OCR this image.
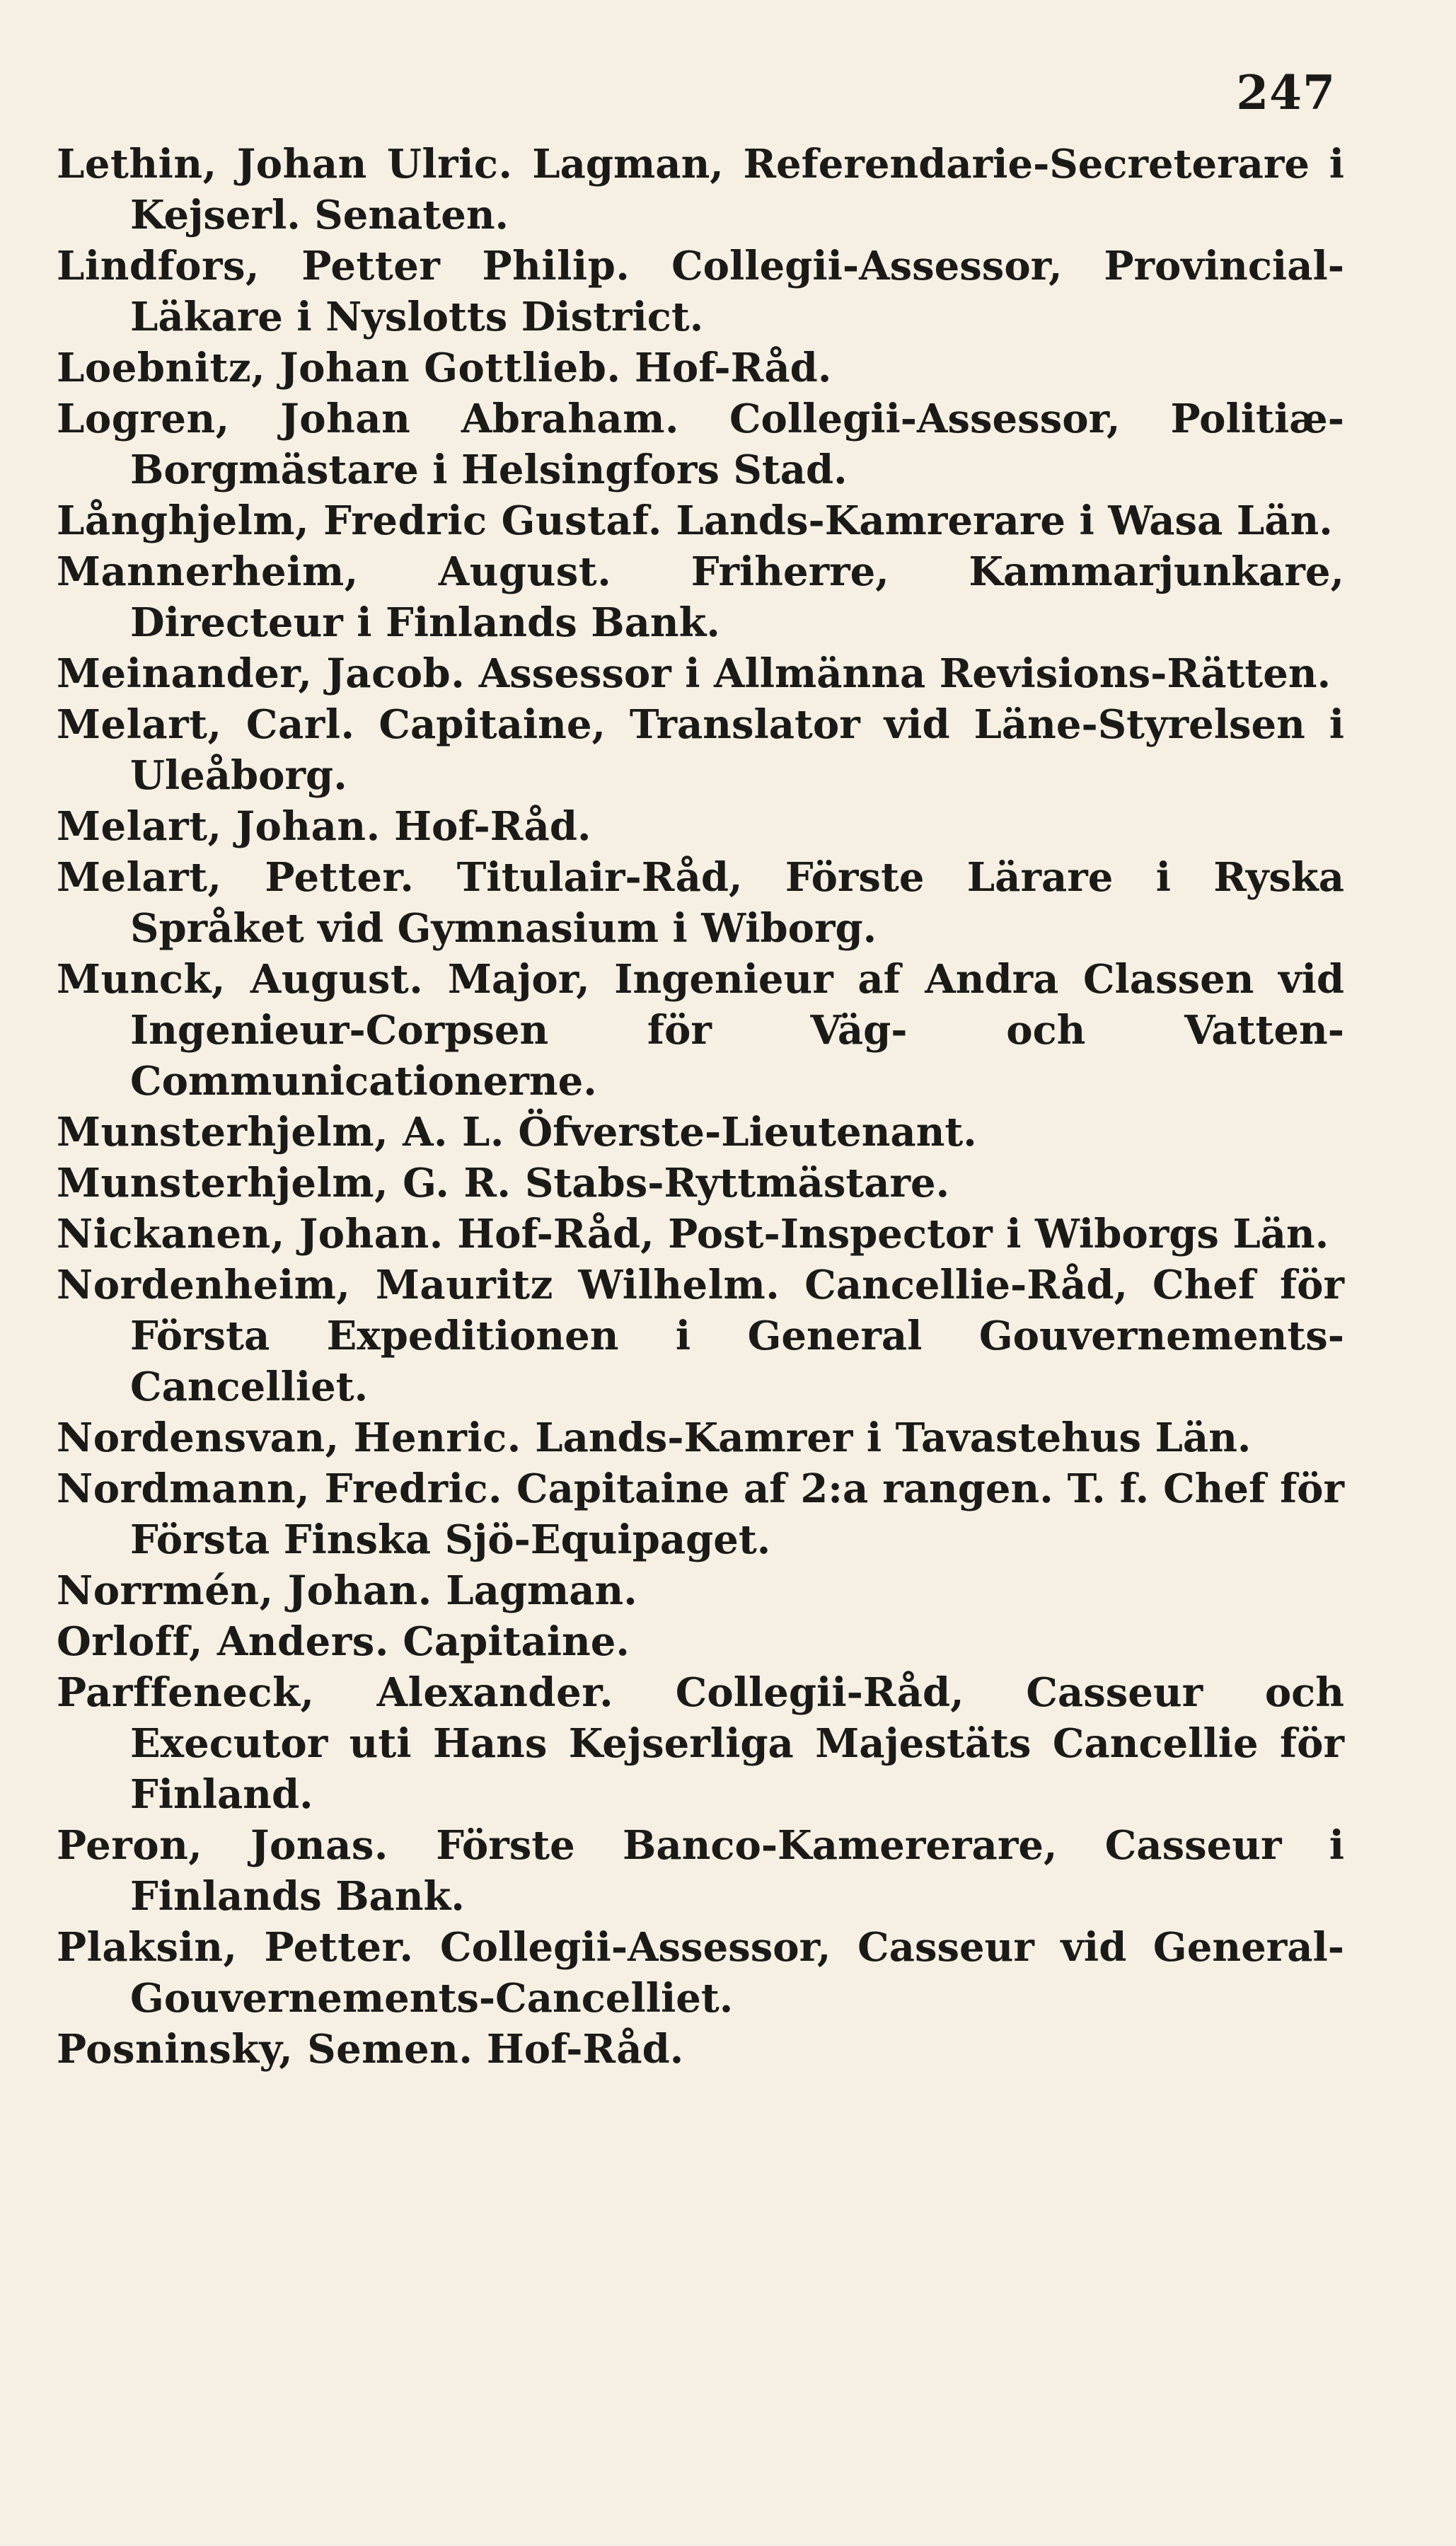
247
Lethin, Johan Ulric. Lagman, Referendarie-Secreterare i Kejserl. Senaten.
Lindfors, Petter Philip. Collegii-Assessor, Provincial-Läkare i Nyslotts District.
Loebnitz, Johan Gottlieb. Hof-Råd.
Logren, Johan Abraham. Collegii-Assessor, Politiæ-Borgmästare i Helsingfors Stad.
Långhjelm, Fredric Gustaf. Lands-Kamrerare i Wasa Län.
Mannerheim, August. Friherre, Kammarjunkare, Directeur i Finlands Bank.
Meinander, Jacob. Assessor i Allmänna Revisions-Rätten.
Melart, Carl. Capitaine, Translator vid Läne-Styrelsen i Uleåborg.
Melart, Johan. Hof-Råd.
Melart, Petter. Titulair-Råd, Förste Lärare i Ryska Språket vid Gymnasium i Wiborg.
Munck, August. Major, Ingenieur af Andra Classen vid Ingenieur-Corpsen för Väg- och Vatten-Communicationerne.
Munsterhjelm, A. L. Öfverste-Lieutenant.
Munsterhjelm, G. R. Stabs-Ryttmästare.
Nickanen, Johan. Hof-Råd, Post-Inspector i Wiborgs Län.
Nordenheim, Mauritz Wilhelm. Cancellie-Råd, Chef för Första Expeditionen i General Gouvernements-Cancelliet.
Nordensvan, Henric. Lands-Kamrer i Tavastehus Län.
Nordmann, Fredric. Capitaine af 2:a rangen. T. f. Chef för Första Finska Sjö-Equipaget.
Norrmén, Johan. Lagman.
Orloff, Anders. Capitaine.
Parffeneck, Alexander. Collegii-Råd, Casseur och Executor uti Hans Kejserliga Majestäts Cancellie för Finland.
Peron, Jonas. Förste Banco-Kamererare, Casseur i Finlands Bank.
Plaksin, Petter. Collegii-Assessor, Casseur vid General-Gouvernements-Cancelliet.
Posninsky, Semen. Hof-Råd.
